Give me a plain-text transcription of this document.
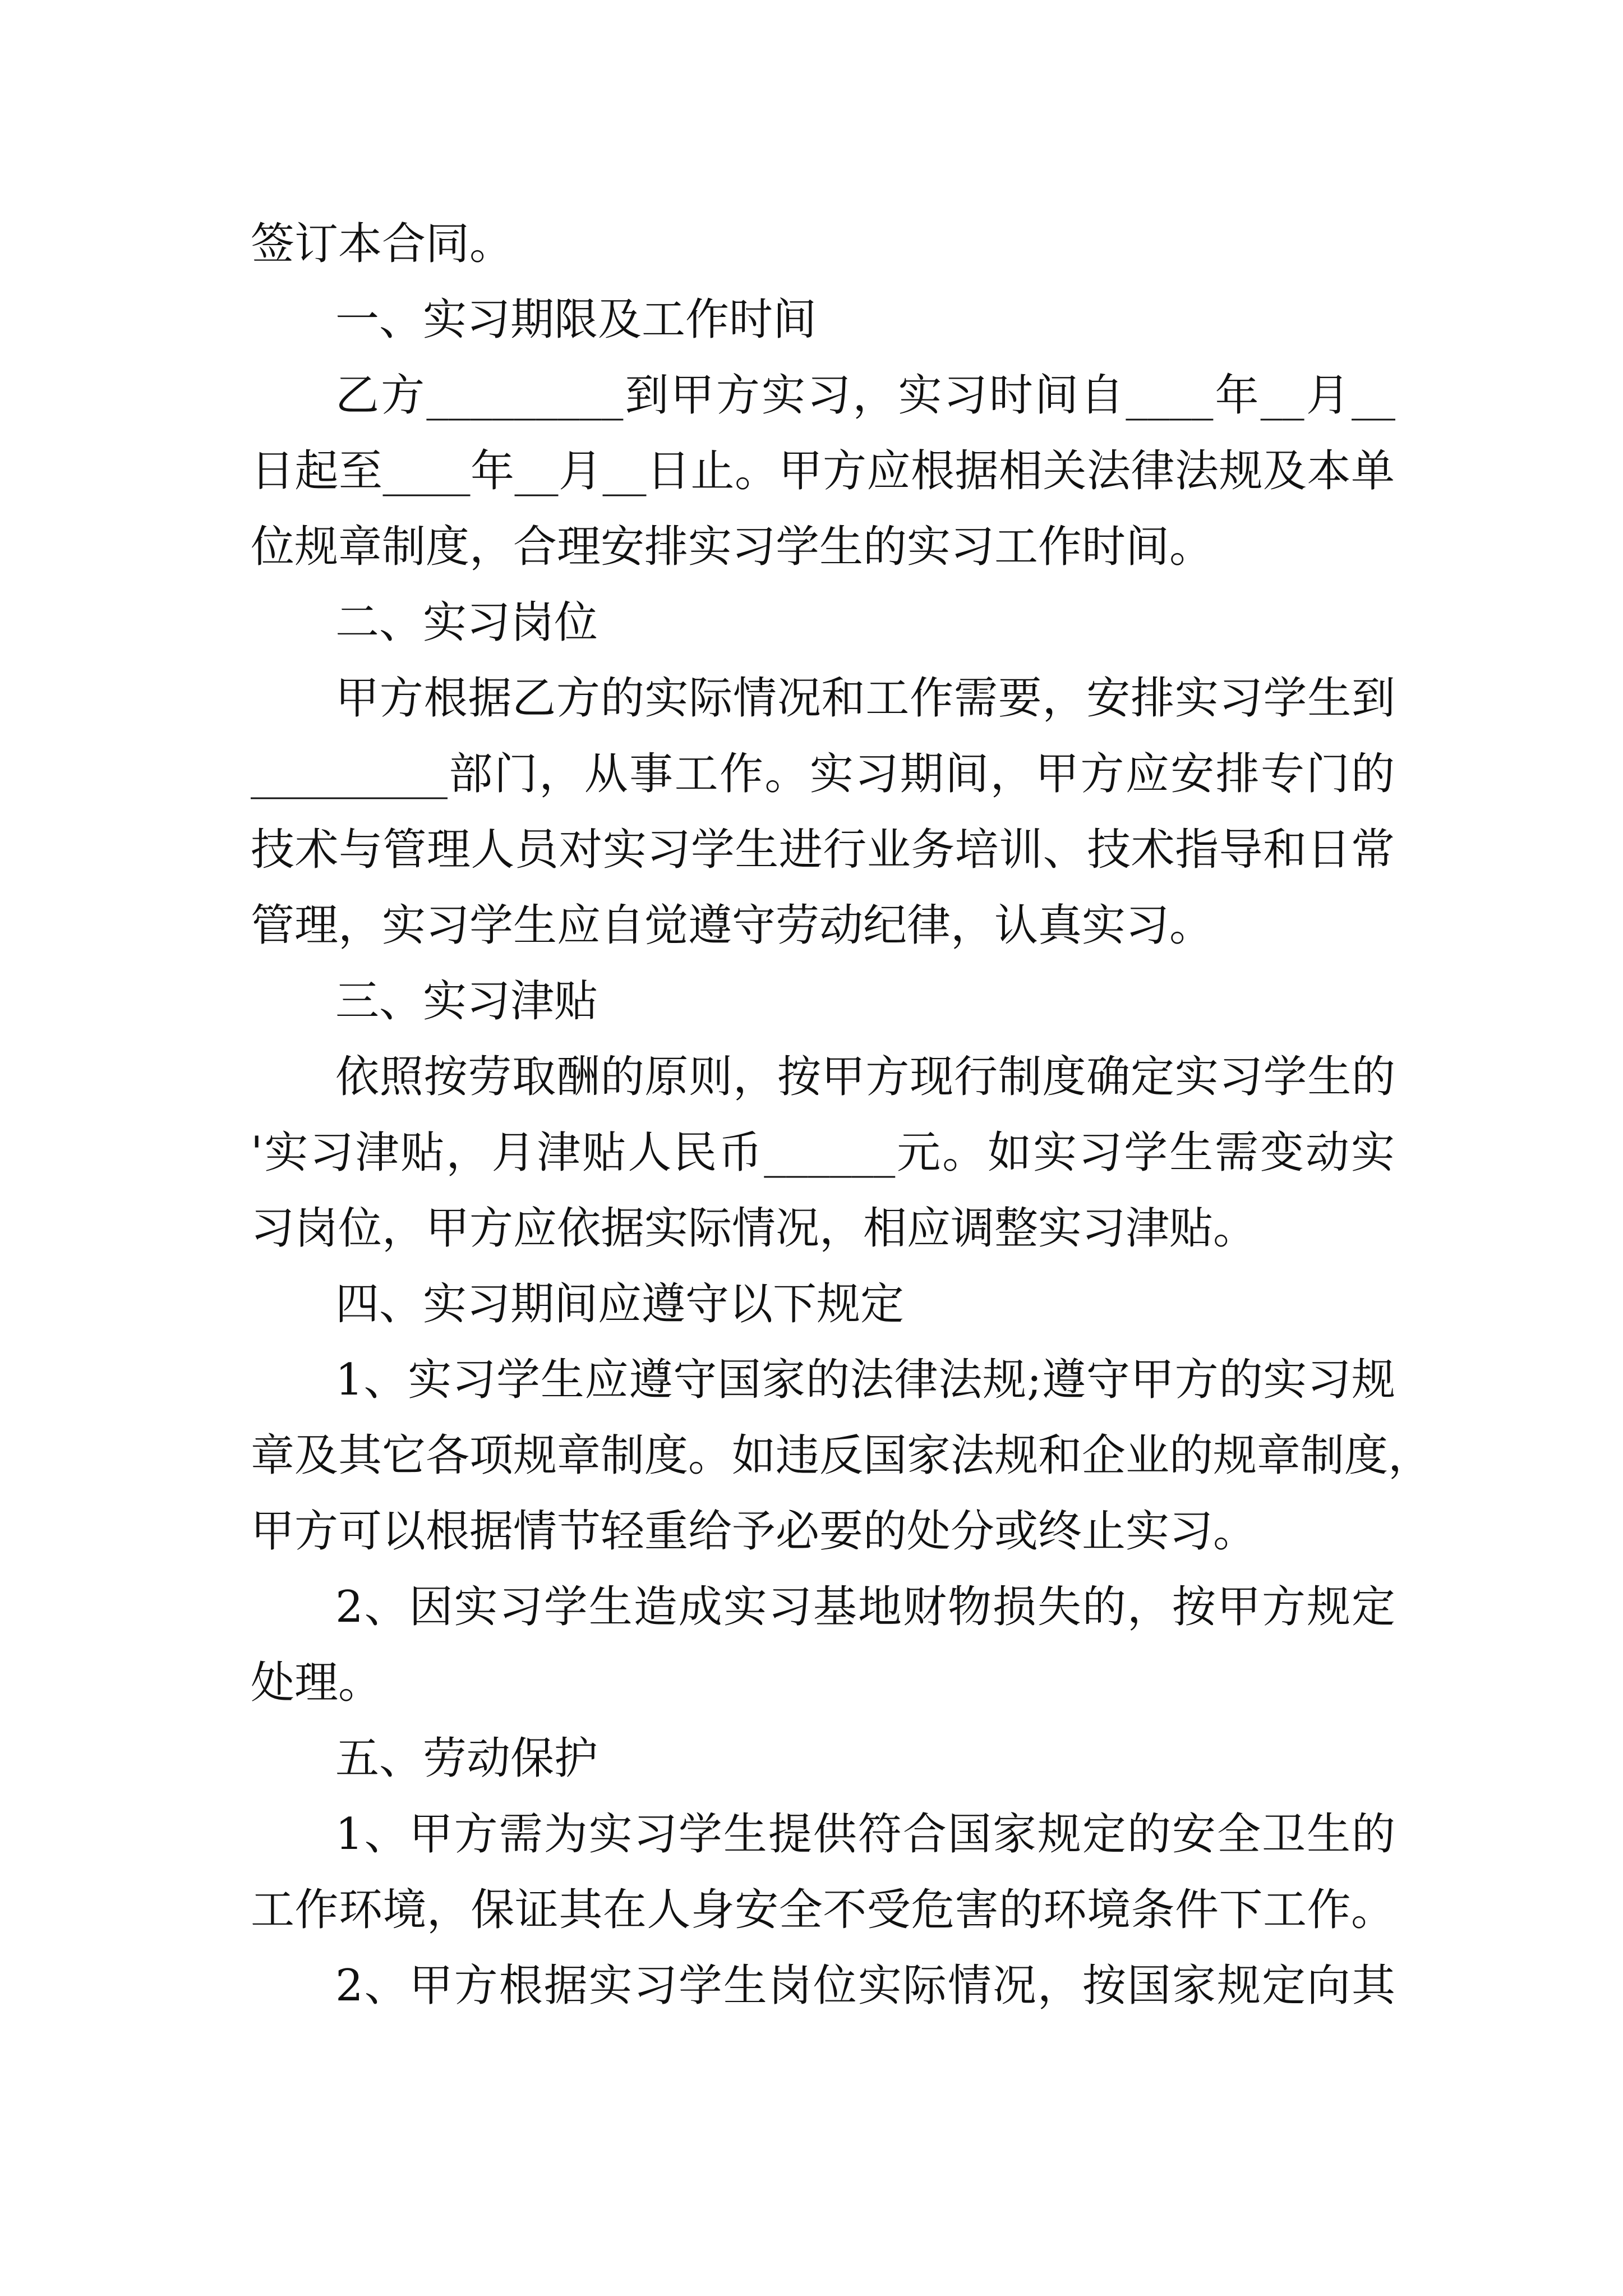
签订本合同。
一、实习期限及工作时间
乙方_________到甲方实习，实习时间自____年__月__
日起至____年__月__日止。甲方应根据相关法律法规及本单
位规章制度，合理安排实习学生的实习工作时间。
二、实习岗位
甲方根据乙方的实际情况和工作需要，安排实习学生到
_________部门，从事工作。实习期间，甲方应安排专门的
技术与管理人员对实习学生进行业务培训、技术指导和日常
管理，实习学生应自觉遵守劳动纪律，认真实习。
三、实习津贴
依照按劳取酬的原则，按甲方现行制度确定实习学生的
'实习津贴，月津贴人民币______元。如实习学生需变动实
习岗位，甲方应依据实际情况，相应调整实习津贴。
四、实习期间应遵守以下规定
1、实习学生应遵守国家的法律法规;遵守甲方的实习规
章及其它各项规章制度。如违反国家法规和企业的规章制度，
甲方可以根据情节轻重给予必要的处分或终止实习。
2、因实习学生造成实习基地财物损失的，按甲方规定
处理。
五、劳动保护
1、甲方需为实习学生提供符合国家规定的安全卫生的
工作环境，保证其在人身安全不受危害的环境条件下工作。
2、甲方根据实习学生岗位实际情况，按国家规定向其
